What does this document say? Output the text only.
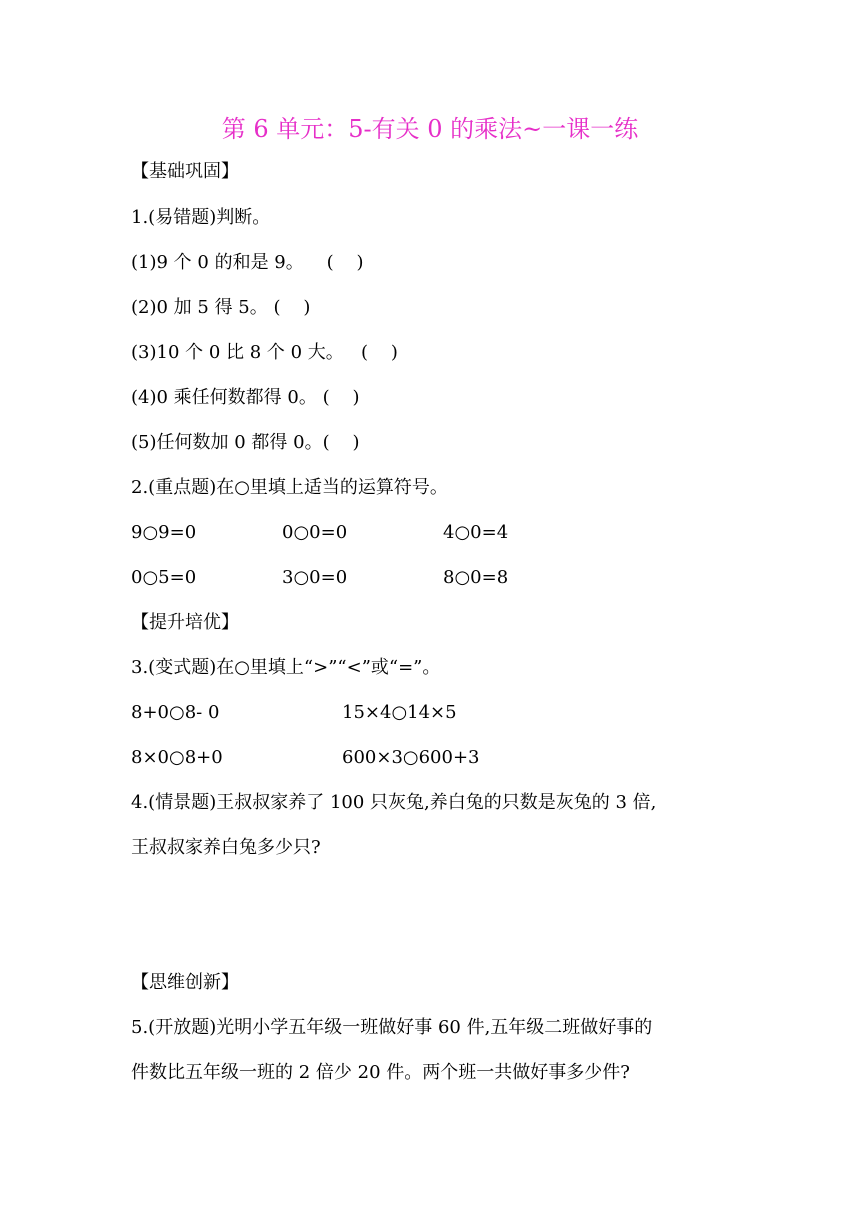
第 6 单元：5-有关 0 的乘法~一课一练
【基础巩固】
1.(易错题)判断。
(1)9 个 0 的和是 9。    (    )
(2)0 加 5 得 5。 (    )
(3)10 个 0 比 8 个 0 大。   (    )
(4)0 乘任何数都得 0。 (    )
(5)任何数加 0 都得 0。(    )
2.(重点题)在○里填上适当的运算符号。
9○9=0	0○0=0	4○0=4
0○5=0	3○0=0	8○0=8
【提升培优】
3.(变式题)在○里填上“>”“<”或“=”。
8+0○8- 0	15×4○14×5
8×0○8+0	600×3○600+3
4.(情景题)王叔叔家养了 100 只灰兔,养白兔的只数是灰兔的 3 倍,
王叔叔家养白兔多少只?
【思维创新】
5.(开放题)光明小学五年级一班做好事 60 件,五年级二班做好事的
件数比五年级一班的 2 倍少 20 件。两个班一共做好事多少件?
